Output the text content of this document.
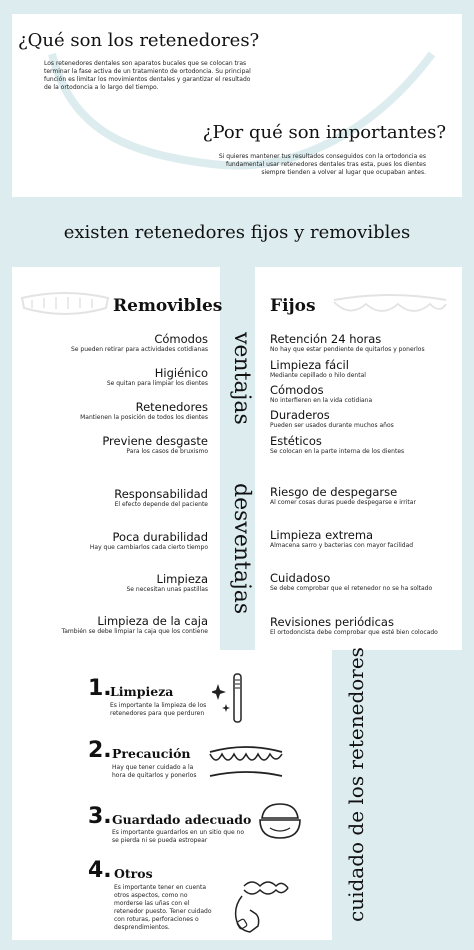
¿Qué son los retenedores?
Los retenedores dentales son aparatos bucales que se colocan tras terminar la fase activa de un tratamiento de ortodoncia. Su principal función es limitar los movimientos dentales y garantizar el resultado de la ortodoncia a lo largo del tiempo.
¿Por qué son importantes?
Si quieres mantener tus resultados conseguidos con la ortodoncia es fundamental usar retenedores dentales tras esta, pues los dientes siempre tienden a volver al lugar que ocupaban antes.
existen retenedores fijos y removibles
Removibles	Fijos
Cómodos
Se pueden retirar para actividades cotidianas
Higiénico
Se quitan para limpiar los dientes
Retenedores
Mantienen la posición de todos los dientes
Previene desgaste
Para los casos de bruxismo
Responsabilidad
El efecto depende del paciente
Poca durabilidad
Hay que cambiarlos cada cierto tiempo
Limpieza
Se necesitan unas pastillas
Limpieza de la caja
También se debe limpiar la caja que los contiene
Retención 24 horas
No hay que estar pendiente de quitarlos y ponerlos
Limpieza fácil
Mediante cepillado o hilo dental
Cómodos
No interfieren en la vida cotidiana
Duraderos
Pueden ser usados durante muchos años
Estéticos
Se colocan en la parte interna de los dientes
Riesgo de despegarse
Al comer cosas duras puede despegarse e irritar
Limpieza extrema
Almacena sarro y bacterias con mayor facilidad
Cuidadoso
Se debe comprobar que el retenedor no se ha soltado
Revisiones periódicas
El ortodoncista debe comprobar que esté bien colocado
ventajas
desventajas
cuidado de los retenedores
1.
Limpieza
Es importante la limpieza de los retenedores para que perduren
2. Precaución
Hay que tener cuidado a la hora de quitarlos y ponerlos
3. Guardado adecuado
Es importante guardarlos en un sitio que no se pierda ni se pueda estropear
4. Otros
Es importante tener en cuenta otros aspectos, como no morderse las uñas con el retenedor puesto. Tener cuidado con roturas, perforaciones o desprendimientos.
